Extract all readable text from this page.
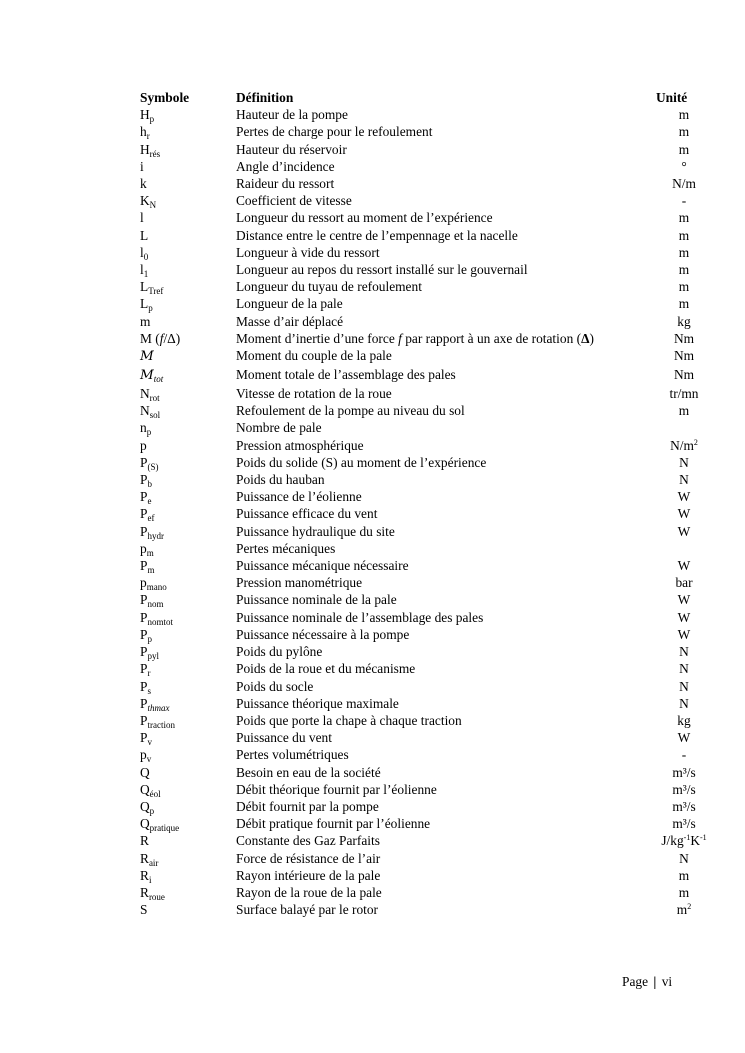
Symbole	Définition	Unité
$H_p$	Hauteur de la pompe	m
$h_r$	Pertes de charge pour le refoulement	m
$H_{rés}$	Hauteur du réservoir	m
i	Angle d’incidence	°
k	Raideur du ressort	N/m
$K_N$	Coefficient de vitesse	-
l	Longueur du ressort au moment de l’expérience	m
L	Distance entre le centre de l’empennage et la nacelle	m
$l_0$	Longueur à vide du ressort	m
$l_1$	Longueur au repos du ressort installé sur le gouvernail	m
$L_{Tref}$	Longueur du tuyau de refoulement	m
$L_p$	Longueur de la pale	m
m	Masse d’air déplacé	kg
M (f/Δ)	Moment d’inertie d’une force f par rapport à un axe de rotation (Δ)	Nm
M	Moment du couple de la pale	Nm
$M_{tot}$	Moment totale de l’assemblage des pales	Nm
$N_{rot}$	Vitesse de rotation de la roue	tr/mn
$N_{sol}$	Refoulement de la pompe au niveau du sol	m
$n_p$	Nombre de pale	
p	Pression atmosphérique	$N/m^2$
$P_{(S)}$	Poids du solide (S) au moment de l’expérience	N
$P_b$	Poids du hauban	N
$P_e$	Puissance de l’éolienne	W
$P_{ef}$	Puissance efficace du vent	W
$P_{hydr}$	Puissance hydraulique du site	W
$p_m$	Pertes mécaniques	
$P_m$	Puissance mécanique nécessaire	W
$p_{mano}$	Pression manométrique	bar
$P_{nom}$	Puissance nominale de la pale	W
$P_{nomtot}$	Puissance nominale de l’assemblage des pales	W
$P_p$	Puissance nécessaire à la pompe	W
$P_{pyl}$	Poids du pylône	N
$P_r$	Poids de la roue et du mécanisme	N
$P_s$	Poids du socle	N
$P_{thmax}$	Puissance théorique maximale	N
$P_{traction}$	Poids que porte la chape à chaque traction	kg
$P_v$	Puissance du vent	W
$p_v$	Pertes volumétriques	-
Q	Besoin en eau de la société	m³/s
$Q_{éol}$	Débit théorique fournit par l’éolienne	m³/s
$Q_p$	Débit fournit par la pompe	m³/s
$Q_{pratique}$	Débit pratique fournit par l’éolienne	m³/s
R	Constante des Gaz Parfaits	$J/kg^{-1}K^{-1}$
$R_{air}$	Force de résistance de l’air	N
$R_i$	Rayon intérieure de la pale	m
$R_{roue}$	Rayon de la roue de la pale	m
S	Surface balayé par le rotor	$m^2$
Page | vi
